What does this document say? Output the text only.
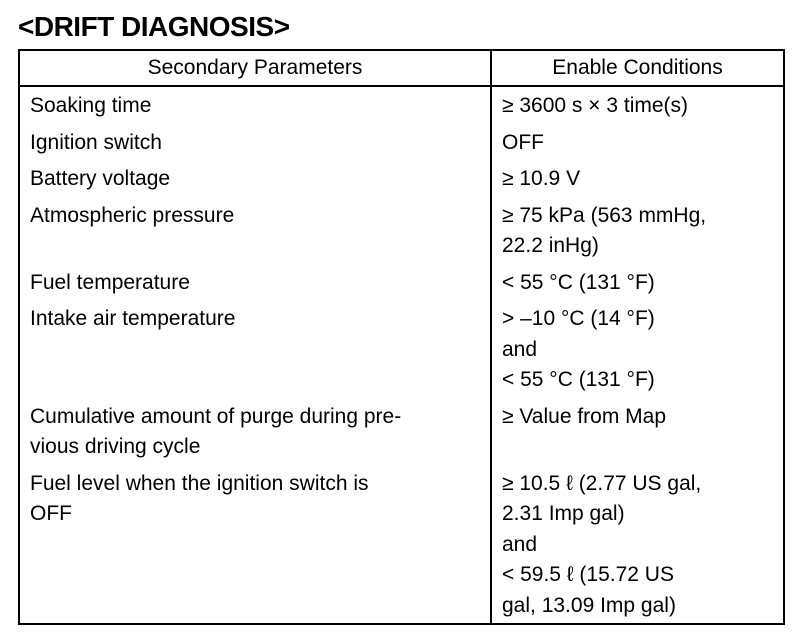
<DRIFT DIAGNOSIS>
Secondary Parameters	Enable Conditions

Soaking time	≥ 3600 s × 3 time(s)

Ignition switch	OFF

Battery voltage	≥ 10.9 V

Atmospheric pressure	≥ 75 kPa (563 mmHg,
22.2 inHg)

Fuel temperature	< 55 °C (131 °F)

Intake air temperature	> –10 °C (14 °F)
and
< 55 °C (131 °F)

Cumulative amount of purge during pre-
vious driving cycle	≥ Value from Map

Fuel level when the ignition switch is
OFF	≥ 10.5 ℓ (2.77 US gal,
2.31 Imp gal)
and
< 59.5 ℓ (15.72 US
gal, 13.09 Imp gal)
